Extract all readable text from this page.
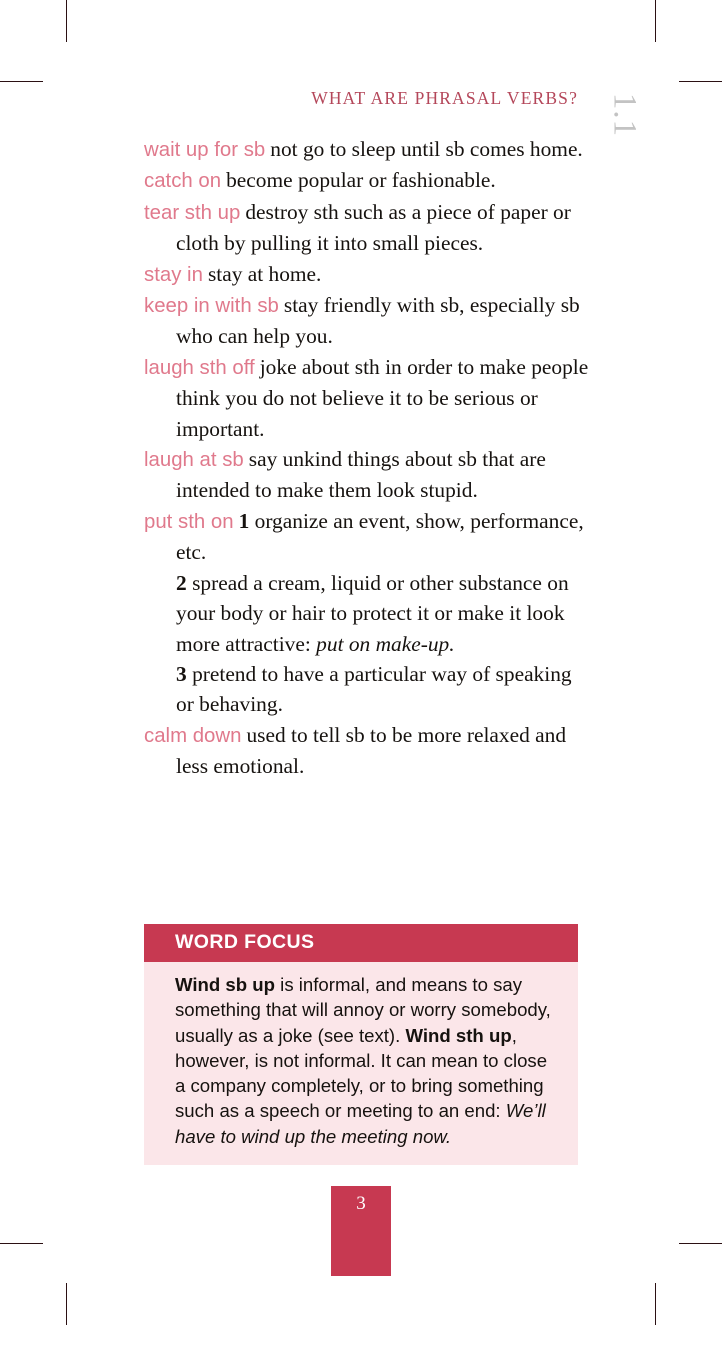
WHAT ARE PHRASAL VERBS? 1.1

wait up for sb not go to sleep until sb comes home.

catch on become popular or fashionable.

tear sth up destroy sth such as a piece of paper or cloth by pulling it into small pieces.

stay in stay at home.

keep in with sb stay friendly with sb, especially sb who can help you.

laugh sth off joke about sth in order to make people think you do not believe it to be serious or important.

laugh at sb say unkind things about sb that are intended to make them look stupid.

put sth on 1 organize an event, show, performance, etc.

2 spread a cream, liquid or other substance on your body or hair to protect it or make it look more attractive: put on make-up.

3 pretend to have a particular way of speaking or behaving.

calm down used to tell sb to be more relaxed and less emotional.

WORD FOCUS
Wind sb up is informal, and means to say something that will annoy or worry somebody, usually as a joke (see text). Wind sth up, however, is not informal. It can mean to close a company completely, or to bring something such as a speech or meeting to an end: We’ll have to wind up the meeting now.
3
